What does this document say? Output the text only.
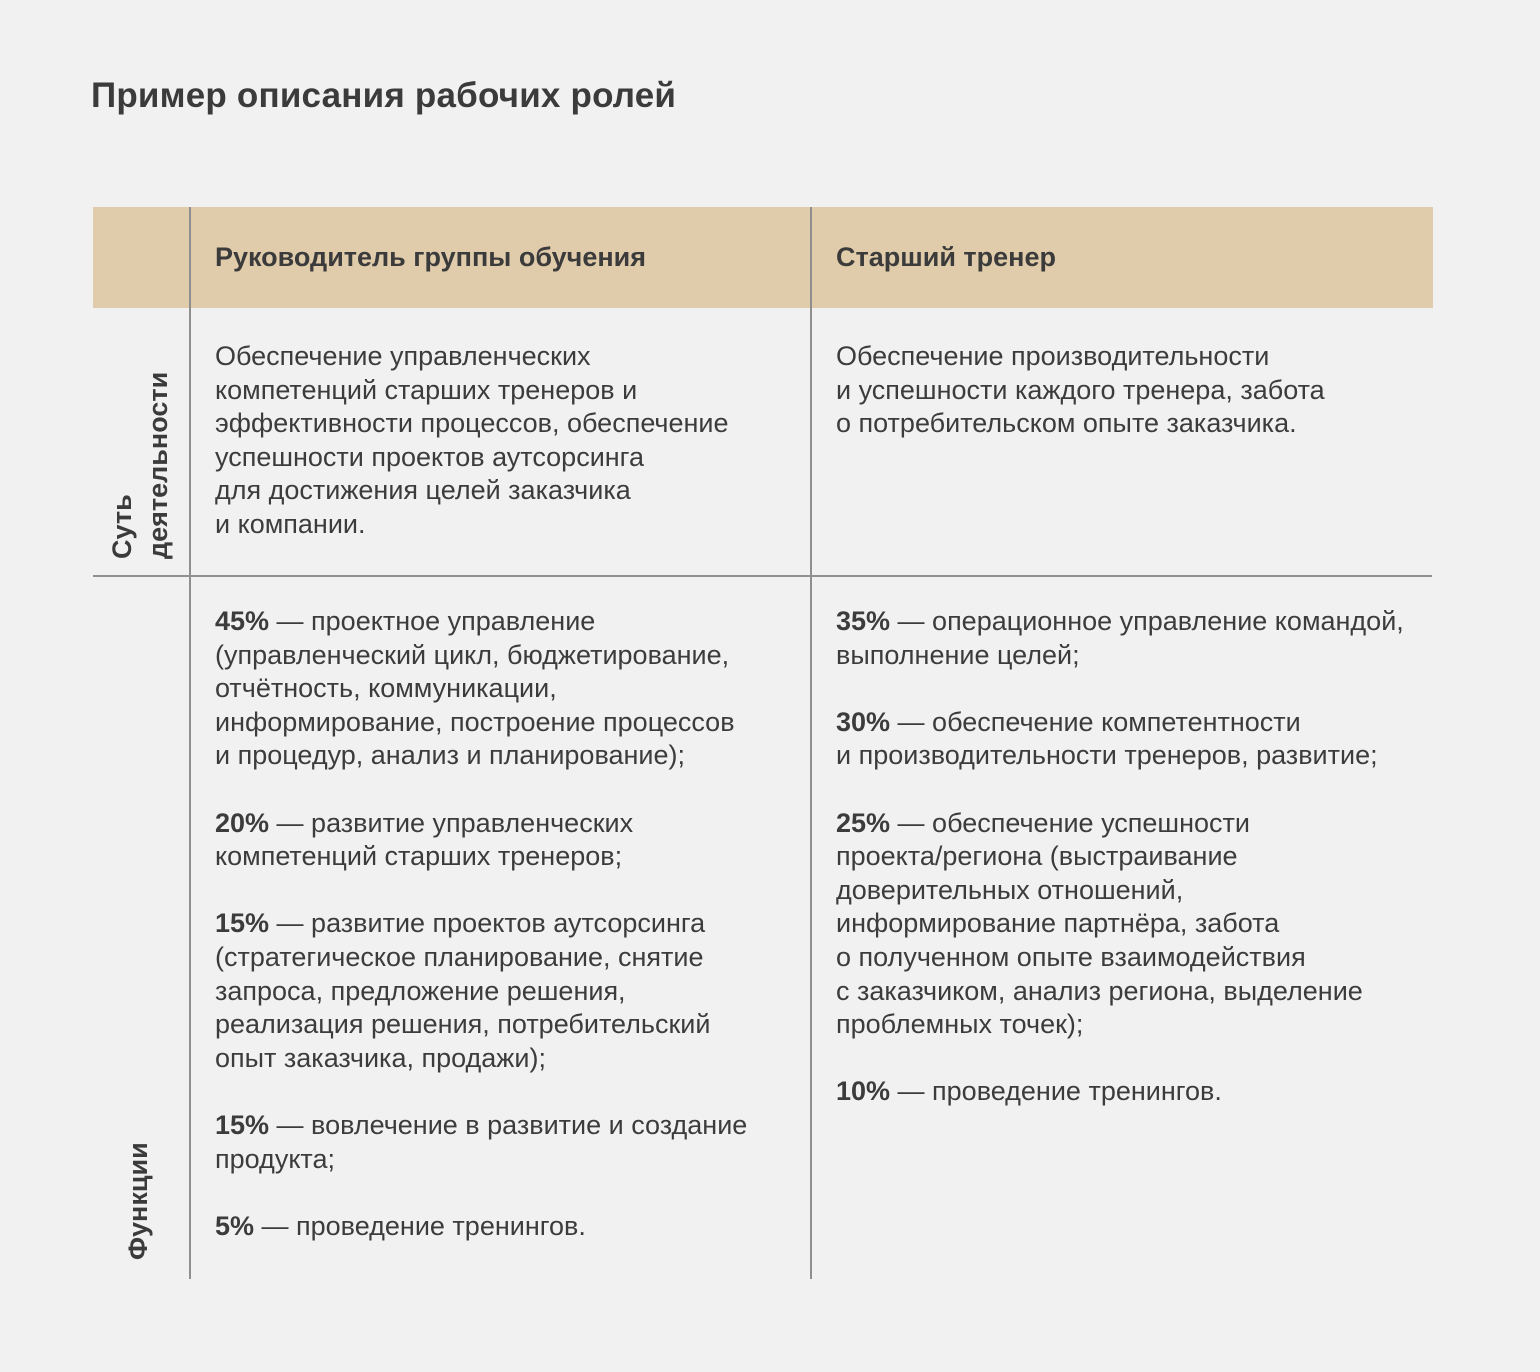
Пример описания рабочих ролей
Руководитель группы обучения	Старший тренер
Суть деятельности
Функции

Обеспечение управленческих
компетенций старших тренеров и
эффективности процессов, обеспечение
успешности проектов аутсорсинга
для достижения целей заказчика
и компании.

Обеспечение производительности
и успешности каждого тренера, забота
о потребительском опыте заказчика.

45% — проектное управление
(управленческий цикл, бюджетирование,
отчётность, коммуникации,
информирование, построение процессов
и процедур, анализ и планирование);
20% — развитие управленческих
компетенций старших тренеров;
15% — развитие проектов аутсорсинга
(стратегическое планирование, снятие
запроса, предложение решения,
реализация решения, потребительский
опыт заказчика, продажи);
15% — вовлечение в развитие и создание
продукта;
5% — проведение тренингов.
35% — операционное управление командой,
выполнение целей;
30% — обеспечение компетентности
и производительности тренеров, развитие;
25% — обеспечение успешности
проекта/региона (выстраивание
доверительных отношений,
информирование партнёра, забота
о полученном опыте взаимодействия
с заказчиком, анализ региона, выделение
проблемных точек);
10% — проведение тренингов.
